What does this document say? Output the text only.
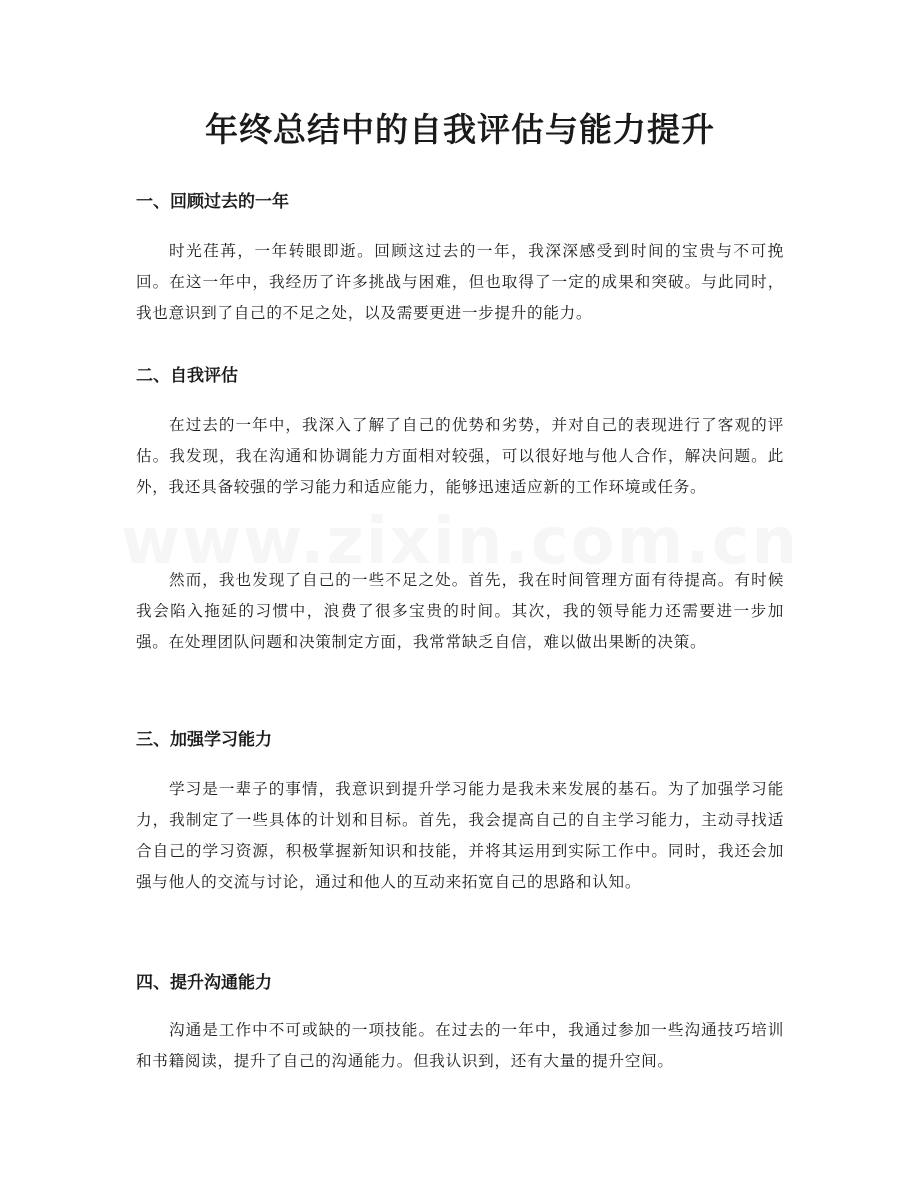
年终总结中的自我评估与能力提升
一、回顾过去的一年

时光荏苒，一年转眼即逝。回顾这过去的一年，我深深感受到时间的宝贵与不可挽回。在这一年中，我经历了许多挑战与困难，但也取得了一定的成果和突破。与此同时，我也意识到了自己的不足之处，以及需要更进一步提升的能力。

二、自我评估

在过去的一年中，我深入了解了自己的优势和劣势，并对自己的表现进行了客观的评估。我发现，我在沟通和协调能力方面相对较强，可以很好地与他人合作，解决问题。此外，我还具备较强的学习能力和适应能力，能够迅速适应新的工作环境或任务。

然而，我也发现了自己的一些不足之处。首先，我在时间管理方面有待提高。有时候我会陷入拖延的习惯中，浪费了很多宝贵的时间。其次，我的领导能力还需要进一步加强。在处理团队问题和决策制定方面，我常常缺乏自信，难以做出果断的决策。

三、加强学习能力

学习是一辈子的事情，我意识到提升学习能力是我未来发展的基石。为了加强学习能力，我制定了一些具体的计划和目标。首先，我会提高自己的自主学习能力，主动寻找适合自己的学习资源，积极掌握新知识和技能，并将其运用到实际工作中。同时，我还会加强与他人的交流与讨论，通过和他人的互动来拓宽自己的思路和认知。

四、提升沟通能力

沟通是工作中不可或缺的一项技能。在过去的一年中，我通过参加一些沟通技巧培训和书籍阅读，提升了自己的沟通能力。但我认识到，还有大量的提升空间。
